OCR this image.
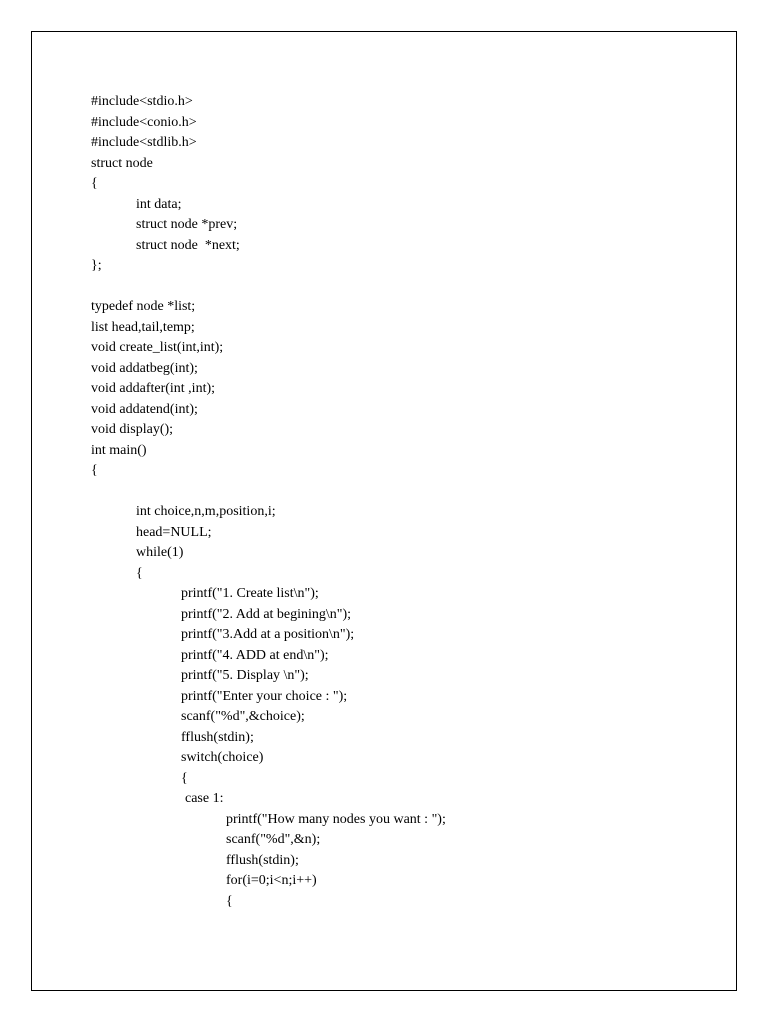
#include<stdio.h>
#include<conio.h>
#include<stdlib.h>
struct node
{
int data;
struct node *prev;
struct node  *next;
};
typedef node *list;
list head,tail,temp;
void create_list(int,int);
void addatbeg(int);
void addafter(int ,int);
void addatend(int);
void display();
int main()
{
int choice,n,m,position,i;
head=NULL;
while(1)
{
printf("1. Create list\n");
printf("2. Add at begining\n");
printf("3.Add at a position\n");
printf("4. ADD at end\n");
printf("5. Display \n");
printf("Enter your choice : ");
scanf("%d",&choice);
fflush(stdin);
switch(choice)
{
case 1:
printf("How many nodes you want : ");
scanf("%d",&n);
fflush(stdin);
for(i=0;i<n;i++)
{
